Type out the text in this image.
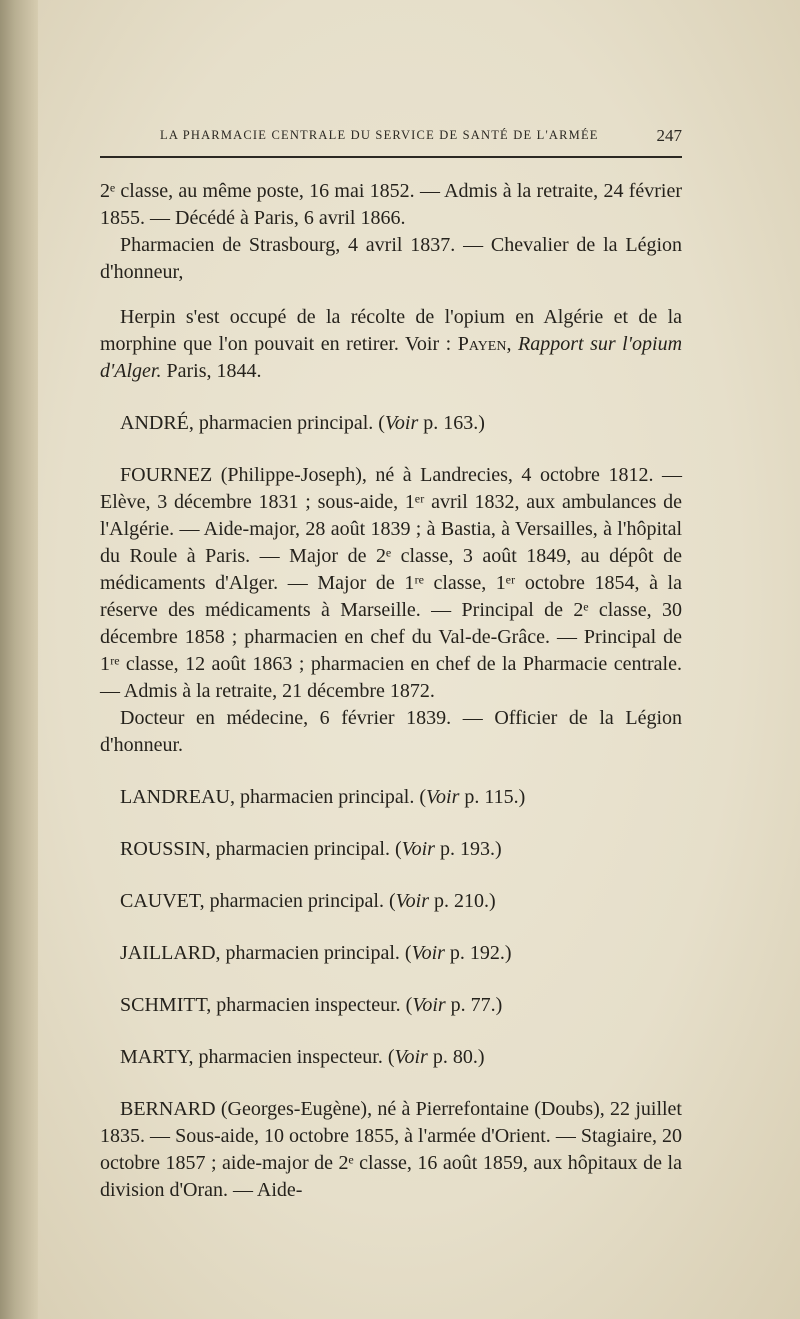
LA PHARMACIE CENTRALE DU SERVICE DE SANTÉ DE L'ARMÉE	247

2ᵉ classe, au même poste, 16 mai 1852. — Admis à la retraite, 24 février 1855. — Décédé à Paris, 6 avril 1866.

Pharmacien de Strasbourg, 4 avril 1837. — Chevalier de la Légion d'honneur,

Herpin s'est occupé de la récolte de l'opium en Algérie et de la morphine que l'on pouvait en retirer. Voir : Payen, Rapport sur l'opium d'Alger. Paris, 1844.

ANDRÉ, pharmacien principal. (Voir p. 163.)

FOURNEZ (Philippe-Joseph), né à Landrecies, 4 octobre 1812. — Elève, 3 décembre 1831 ; sous-aide, 1ᵉʳ avril 1832, aux ambulances de l'Algérie. — Aide-major, 28 août 1839 ; à Bastia, à Versailles, à l'hôpital du Roule à Paris. — Major de 2ᵉ classe, 3 août 1849, au dépôt de médicaments d'Alger. — Major de 1ʳᵉ classe, 1ᵉʳ octobre 1854, à la réserve des médicaments à Marseille. — Principal de 2ᵉ classe, 30 décembre 1858 ; pharmacien en chef du Val-de-Grâce. — Principal de 1ʳᵉ classe, 12 août 1863 ; pharmacien en chef de la Pharmacie centrale. — Admis à la retraite, 21 décembre 1872.

Docteur en médecine, 6 février 1839. — Officier de la Légion d'honneur.

LANDREAU, pharmacien principal. (Voir p. 115.)

ROUSSIN, pharmacien principal. (Voir p. 193.)

CAUVET, pharmacien principal. (Voir p. 210.)

JAILLARD, pharmacien principal. (Voir p. 192.)

SCHMITT, pharmacien inspecteur. (Voir p. 77.)

MARTY, pharmacien inspecteur. (Voir p. 80.)

BERNARD (Georges-Eugène), né à Pierrefontaine (Doubs), 22 juillet 1835. — Sous-aide, 10 octobre 1855, à l'armée d'Orient. — Stagiaire, 20 octobre 1857 ; aide-major de 2ᵉ classe, 16 août 1859, aux hôpitaux de la division d'Oran. — Aide-
